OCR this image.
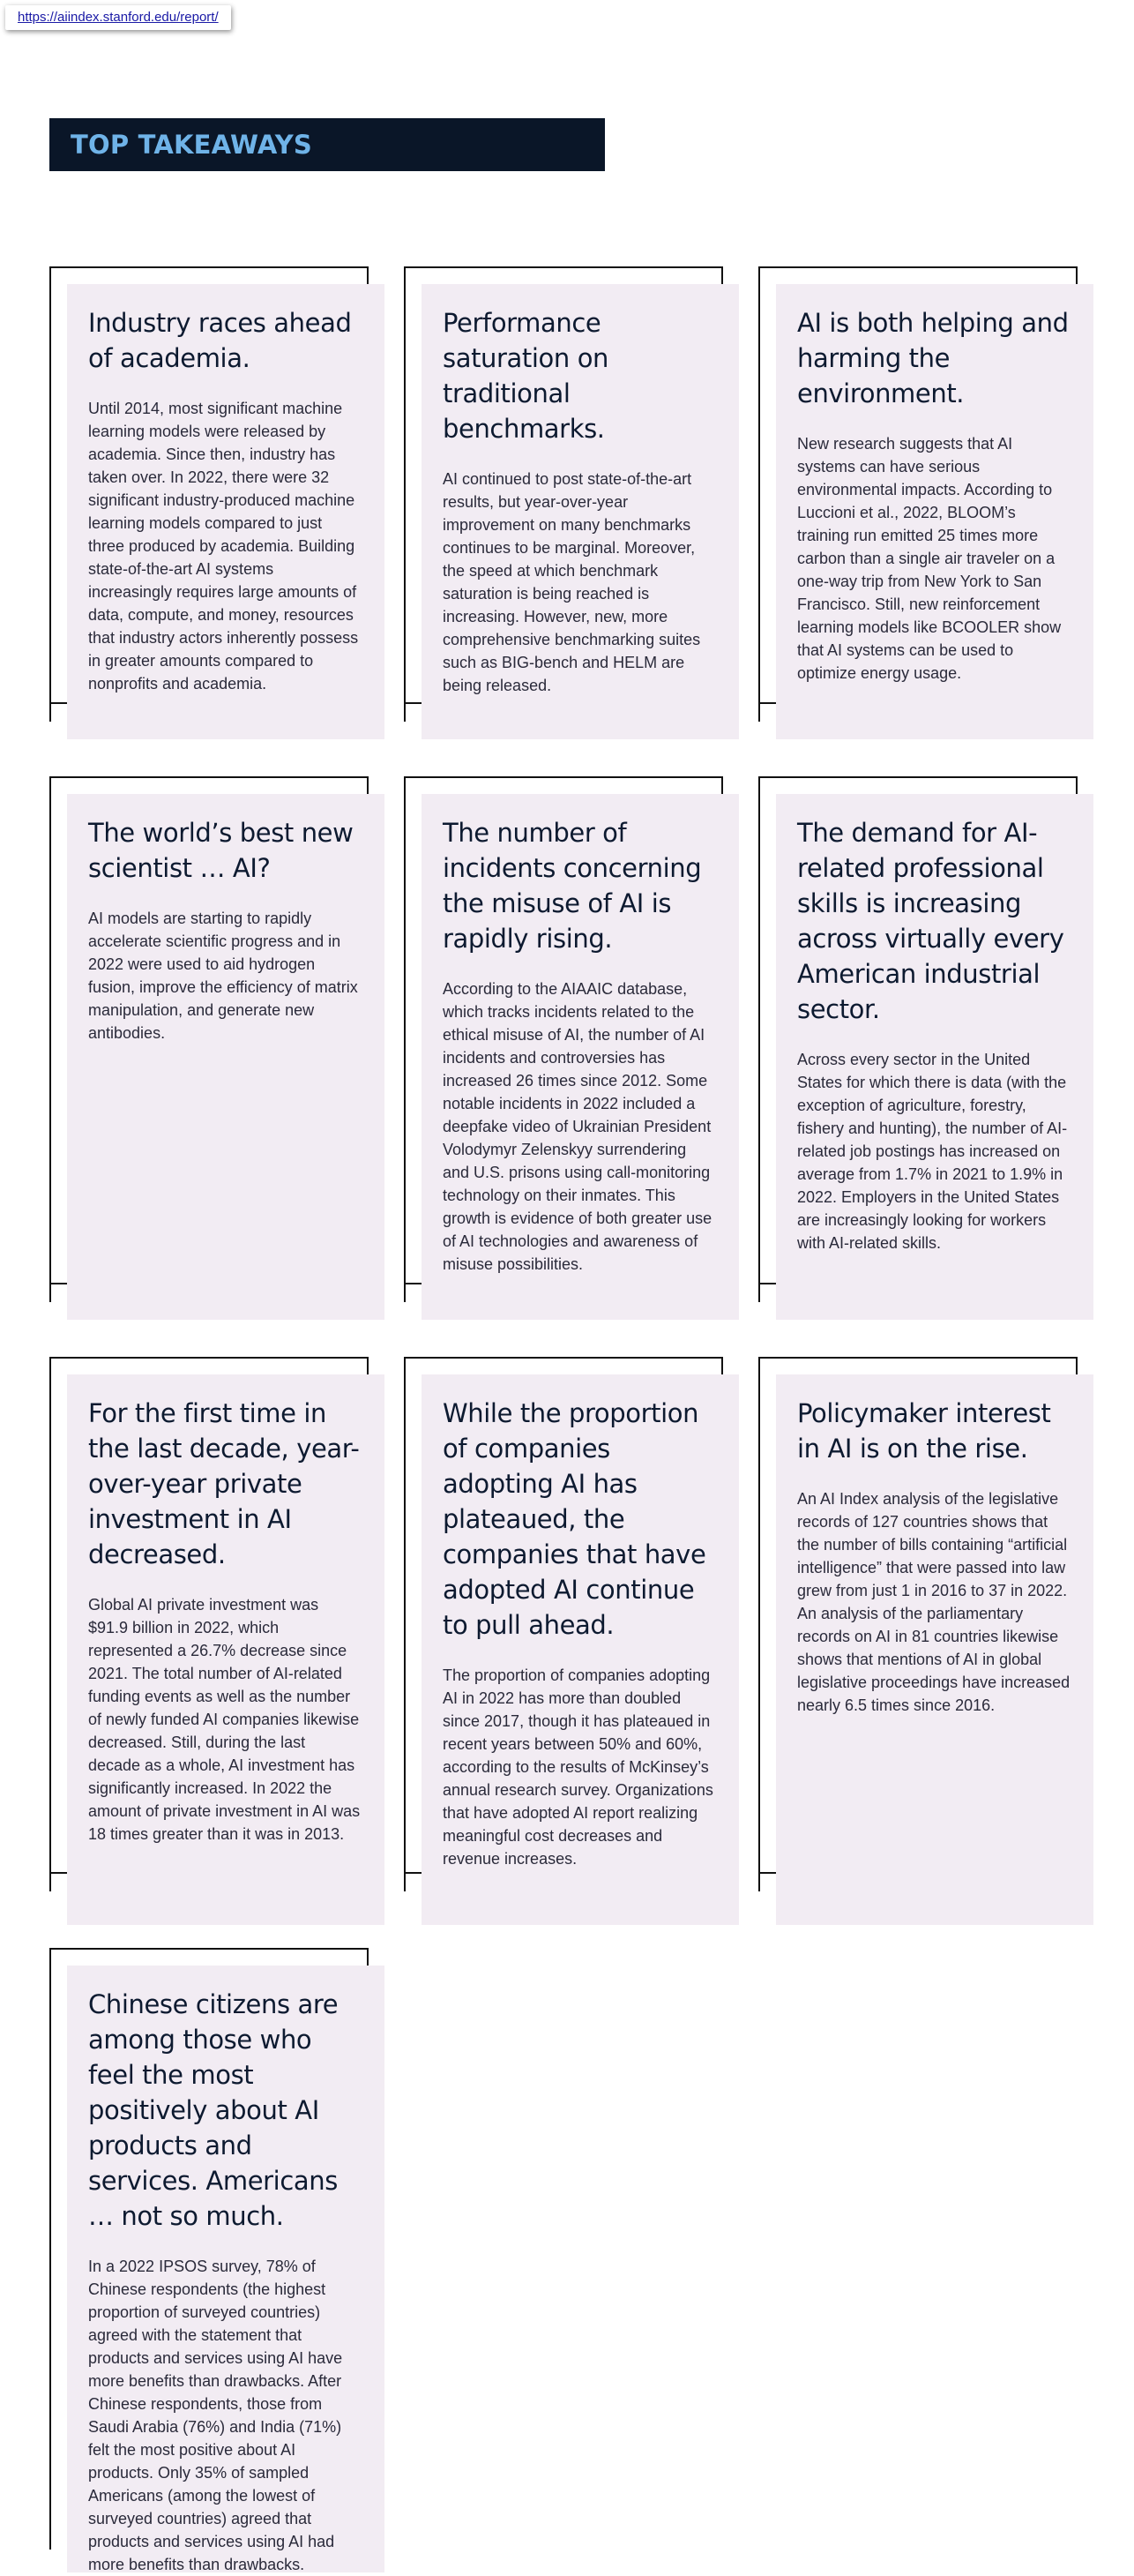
https://aiindex.stanford.edu/report/
TOP TAKEAWAYS
Industry races ahead of academia.

Until 2014, most significant machine learning models were released by academia. Since then, industry has taken over. In 2022, there were 32 significant industry-produced machine learning models compared to just three produced by academia. Building state-of-the-art AI systems increasingly requires large amounts of data, compute, and money, resources that industry actors inherently possess in greater amounts compared to nonprofits and academia.

Performance saturation on traditional benchmarks.

AI continued to post state-of-the-art results, but year-over-year improvement on many benchmarks continues to be marginal. Moreover, the speed at which benchmark saturation is being reached is increasing. However, new, more comprehensive benchmarking suites such as BIG-bench and HELM are being released.

AI is both helping and harming the environment.

New research suggests that AI systems can have serious environmental impacts. According to Luccioni et al., 2022, BLOOM’s training run emitted 25 times more carbon than a single air traveler on a one-way trip from New York to San Francisco. Still, new reinforcement learning models like BCOOLER show that AI systems can be used to optimize energy usage.

The world’s best new scientist … AI?

AI models are starting to rapidly accelerate scientific progress and in 2022 were used to aid hydrogen fusion, improve the efficiency of matrix manipulation, and generate new antibodies.

The number of incidents concerning the misuse of AI is rapidly rising.

According to the AIAAIC database, which tracks incidents related to the ethical misuse of AI, the number of AI incidents and controversies has increased 26 times since 2012. Some notable incidents in 2022 included a deepfake video of Ukrainian President Volodymyr Zelenskyy surrendering and U.S. prisons using call-monitoring technology on their inmates. This growth is evidence of both greater use of AI technologies and awareness of misuse possibilities.

The demand for AI-related professional skills is increasing across virtually every American industrial sector.

Across every sector in the United States for which there is data (with the exception of agriculture, forestry, fishery and hunting), the number of AI-related job postings has increased on average from 1.7% in 2021 to 1.9% in 2022. Employers in the United States are increasingly looking for workers with AI-related skills.

For the first time in the last decade, year-over-year private investment in AI decreased.

Global AI private investment was $91.9 billion in 2022, which represented a 26.7% decrease since 2021. The total number of AI-related funding events as well as the number of newly funded AI companies likewise decreased. Still, during the last decade as a whole, AI investment has significantly increased. In 2022 the amount of private investment in AI was 18 times greater than it was in 2013.

While the proportion of companies adopting AI has plateaued, the companies that have adopted AI continue to pull ahead.

The proportion of companies adopting AI in 2022 has more than doubled since 2017, though it has plateaued in recent years between 50% and 60%, according to the results of McKinsey’s annual research survey. Organizations that have adopted AI report realizing meaningful cost decreases and revenue increases.

Policymaker interest in AI is on the rise.

An AI Index analysis of the legislative records of 127 countries shows that the number of bills containing “artificial intelligence” that were passed into law grew from just 1 in 2016 to 37 in 2022. An analysis of the parliamentary records on AI in 81 countries likewise shows that mentions of AI in global legislative proceedings have increased nearly 6.5 times since 2016.

Chinese citizens are among those who feel the most positively about AI products and services. Americans … not so much.

In a 2022 IPSOS survey, 78% of Chinese respondents (the highest proportion of surveyed countries) agreed with the statement that products and services using AI have more benefits than drawbacks. After Chinese respondents, those from Saudi Arabia (76%) and India (71%) felt the most positive about AI products. Only 35% of sampled Americans (among the lowest of surveyed countries) agreed that products and services using AI had more benefits than drawbacks.
